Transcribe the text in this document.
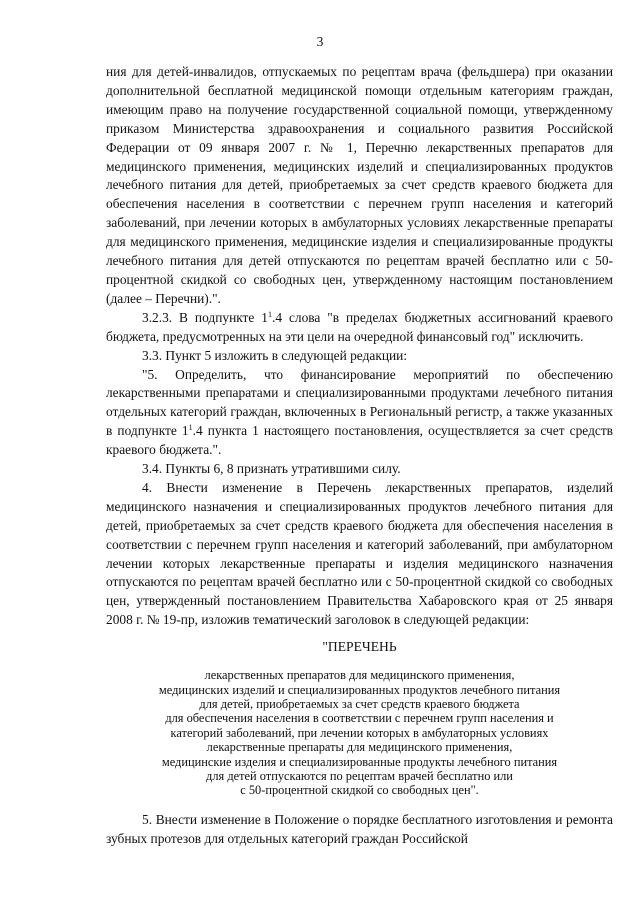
3

ния для детей-инвалидов, отпускаемых по рецептам врача (фельдшера) при оказании дополнительной бесплатной медицинской помощи отдельным категориям граждан, имеющим право на получение государственной социальной помощи, утвержденному приказом Министерства здравоохранения и социального развития Российской Федерации от 09 января 2007 г. № 1, Перечню лекарственных препаратов для медицинского применения, медицинских изделий и специализированных продуктов лечебного питания для детей, приобретаемых за счет средств краевого бюджета для обеспечения населения в соответствии с перечнем групп населения и категорий заболеваний, при лечении которых в амбулаторных условиях лекарственные препараты для медицинского применения, медицинские изделия и специализированные продукты лечебного питания для детей отпускаются по рецептам врачей бесплатно или с 50-процентной скидкой со свободных цен, утвержденному настоящим постановлением (далее – Перечни).".

3.2.3. В подпункте $1^1.4$ слова "в пределах бюджетных ассигнований краевого бюджета, предусмотренных на эти цели на очередной финансовый год" исключить.

3.3. Пункт 5 изложить в следующей редакции:

"5. Определить, что финансирование мероприятий по обеспечению лекарственными препаратами и специализированными продуктами лечебного питания отдельных категорий граждан, включенных в Региональный регистр, а также указанных в подпункте $1^1.4$ пункта 1 настоящего постановления, осуществляется за счет средств краевого бюджета.".

3.4. Пункты 6, 8 признать утратившими силу.

4. Внести изменение в Перечень лекарственных препаратов, изделий медицинского назначения и специализированных продуктов лечебного питания для детей, приобретаемых за счет средств краевого бюджета для обеспечения населения в соответствии с перечнем групп населения и категорий заболеваний, при амбулаторном лечении которых лекарственные препараты и изделия медицинского назначения отпускаются по рецептам врачей бесплатно или с 50-процентной скидкой со свободных цен, утвержденный постановлением Правительства Хабаровского края от 25 января 2008 г. № 19-пр, изложив тематический заголовок в следующей редакции:

"ПЕРЕЧЕНЬ
лекарственных препаратов для медицинского применения,
медицинских изделий и специализированных продуктов лечебного питания
для детей, приобретаемых за счет средств краевого бюджета
для обеспечения населения в соответствии с перечнем групп населения и
категорий заболеваний, при лечении которых в амбулаторных условиях
лекарственные препараты для медицинского применения,
медицинские изделия и специализированные продукты лечебного питания
для детей отпускаются по рецептам врачей бесплатно или
с 50-процентной скидкой со свободных цен".

5. Внести изменение в Положение о порядке бесплатного изготовления и ремонта зубных протезов для отдельных категорий граждан Российской
